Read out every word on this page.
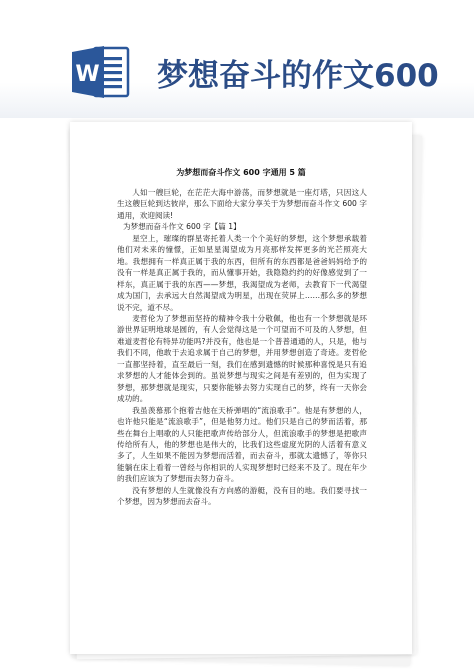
W 梦想奋斗的作文600
为梦想而奋斗作文 600 字通用 5 篇

人如一艘巨轮，在茫茫大海中游荡，而梦想就是一座灯塔，只因这人生这艘巨轮到达彼岸，那么下面给大家分享关于为梦想而奋斗作文 600 字通用，欢迎阅读!

为梦想而奋斗作文 600 字【篇 1】

星空上，璀璨的群星寄托着人类一个个美好的梦想，这个梦想承载着他们对未来的憧憬，正如星星渴望成为月亮那样发挥更多的光芒照亮大地。我想拥有一样真正属于我的东西，但所有的东西都是爸爸妈妈给予的没有一样是真正属于我的，而从懂事开始，我隐隐约约的好像感觉到了一样东，真正属于我的东西——梦想，我渴望成为老师，去教育下一代渴望成为国门，去承远大自然渴望成为明星，出现在荧屏上……那么多的梦想说不完，道不尽。

麦哲伦为了梦想而坚持的精神令我十分敬佩，他也有一个梦想就是环游世界证明地球是圆的，有人会觉得这是一个可望而不可及的人梦想，但难道麦哲伦有特异功能吗?并没有，他也是一个普普通通的人，只是，他与我们不同，他敢于去追求属于自己的梦想，并用梦想创造了奇迹。麦哲伦一直都坚持着，直至最后一刻，我们在感到遗憾的时候那种喜悦是只有追求梦想的人才能体会到的。虽说梦想与现实之间是有差别的，但为实现了梦想，那梦想就是现实，只要你能够去努力实现自己的梦，终有一天你会成功的。

我虽羡慕那个抱着吉他在天桥弹唱的“流浪歌手”。他是有梦想的人，也许他只能是“流浪歌手”，但是他努力过。他们只是自己的梦而活着，那些在舞台上唱歌的人只能把歌声传给部分人，但流浪歌手的梦想是把歌声传给所有人，他的梦想也是伟大的，比我们这些虚度光阴的人活着有意义多了，人生如果不能因为梦想而活着，而去奋斗，那就太遗憾了，等你只能躺在床上看着一曾经与你相识的人实现梦想时已经来不及了。现在年少的我们应该为了梦想而去努力奋斗。

没有梦想的人生就像没有方向感的游艇，没有目的地。我们要寻找一个梦想，因为梦想而去奋斗。
